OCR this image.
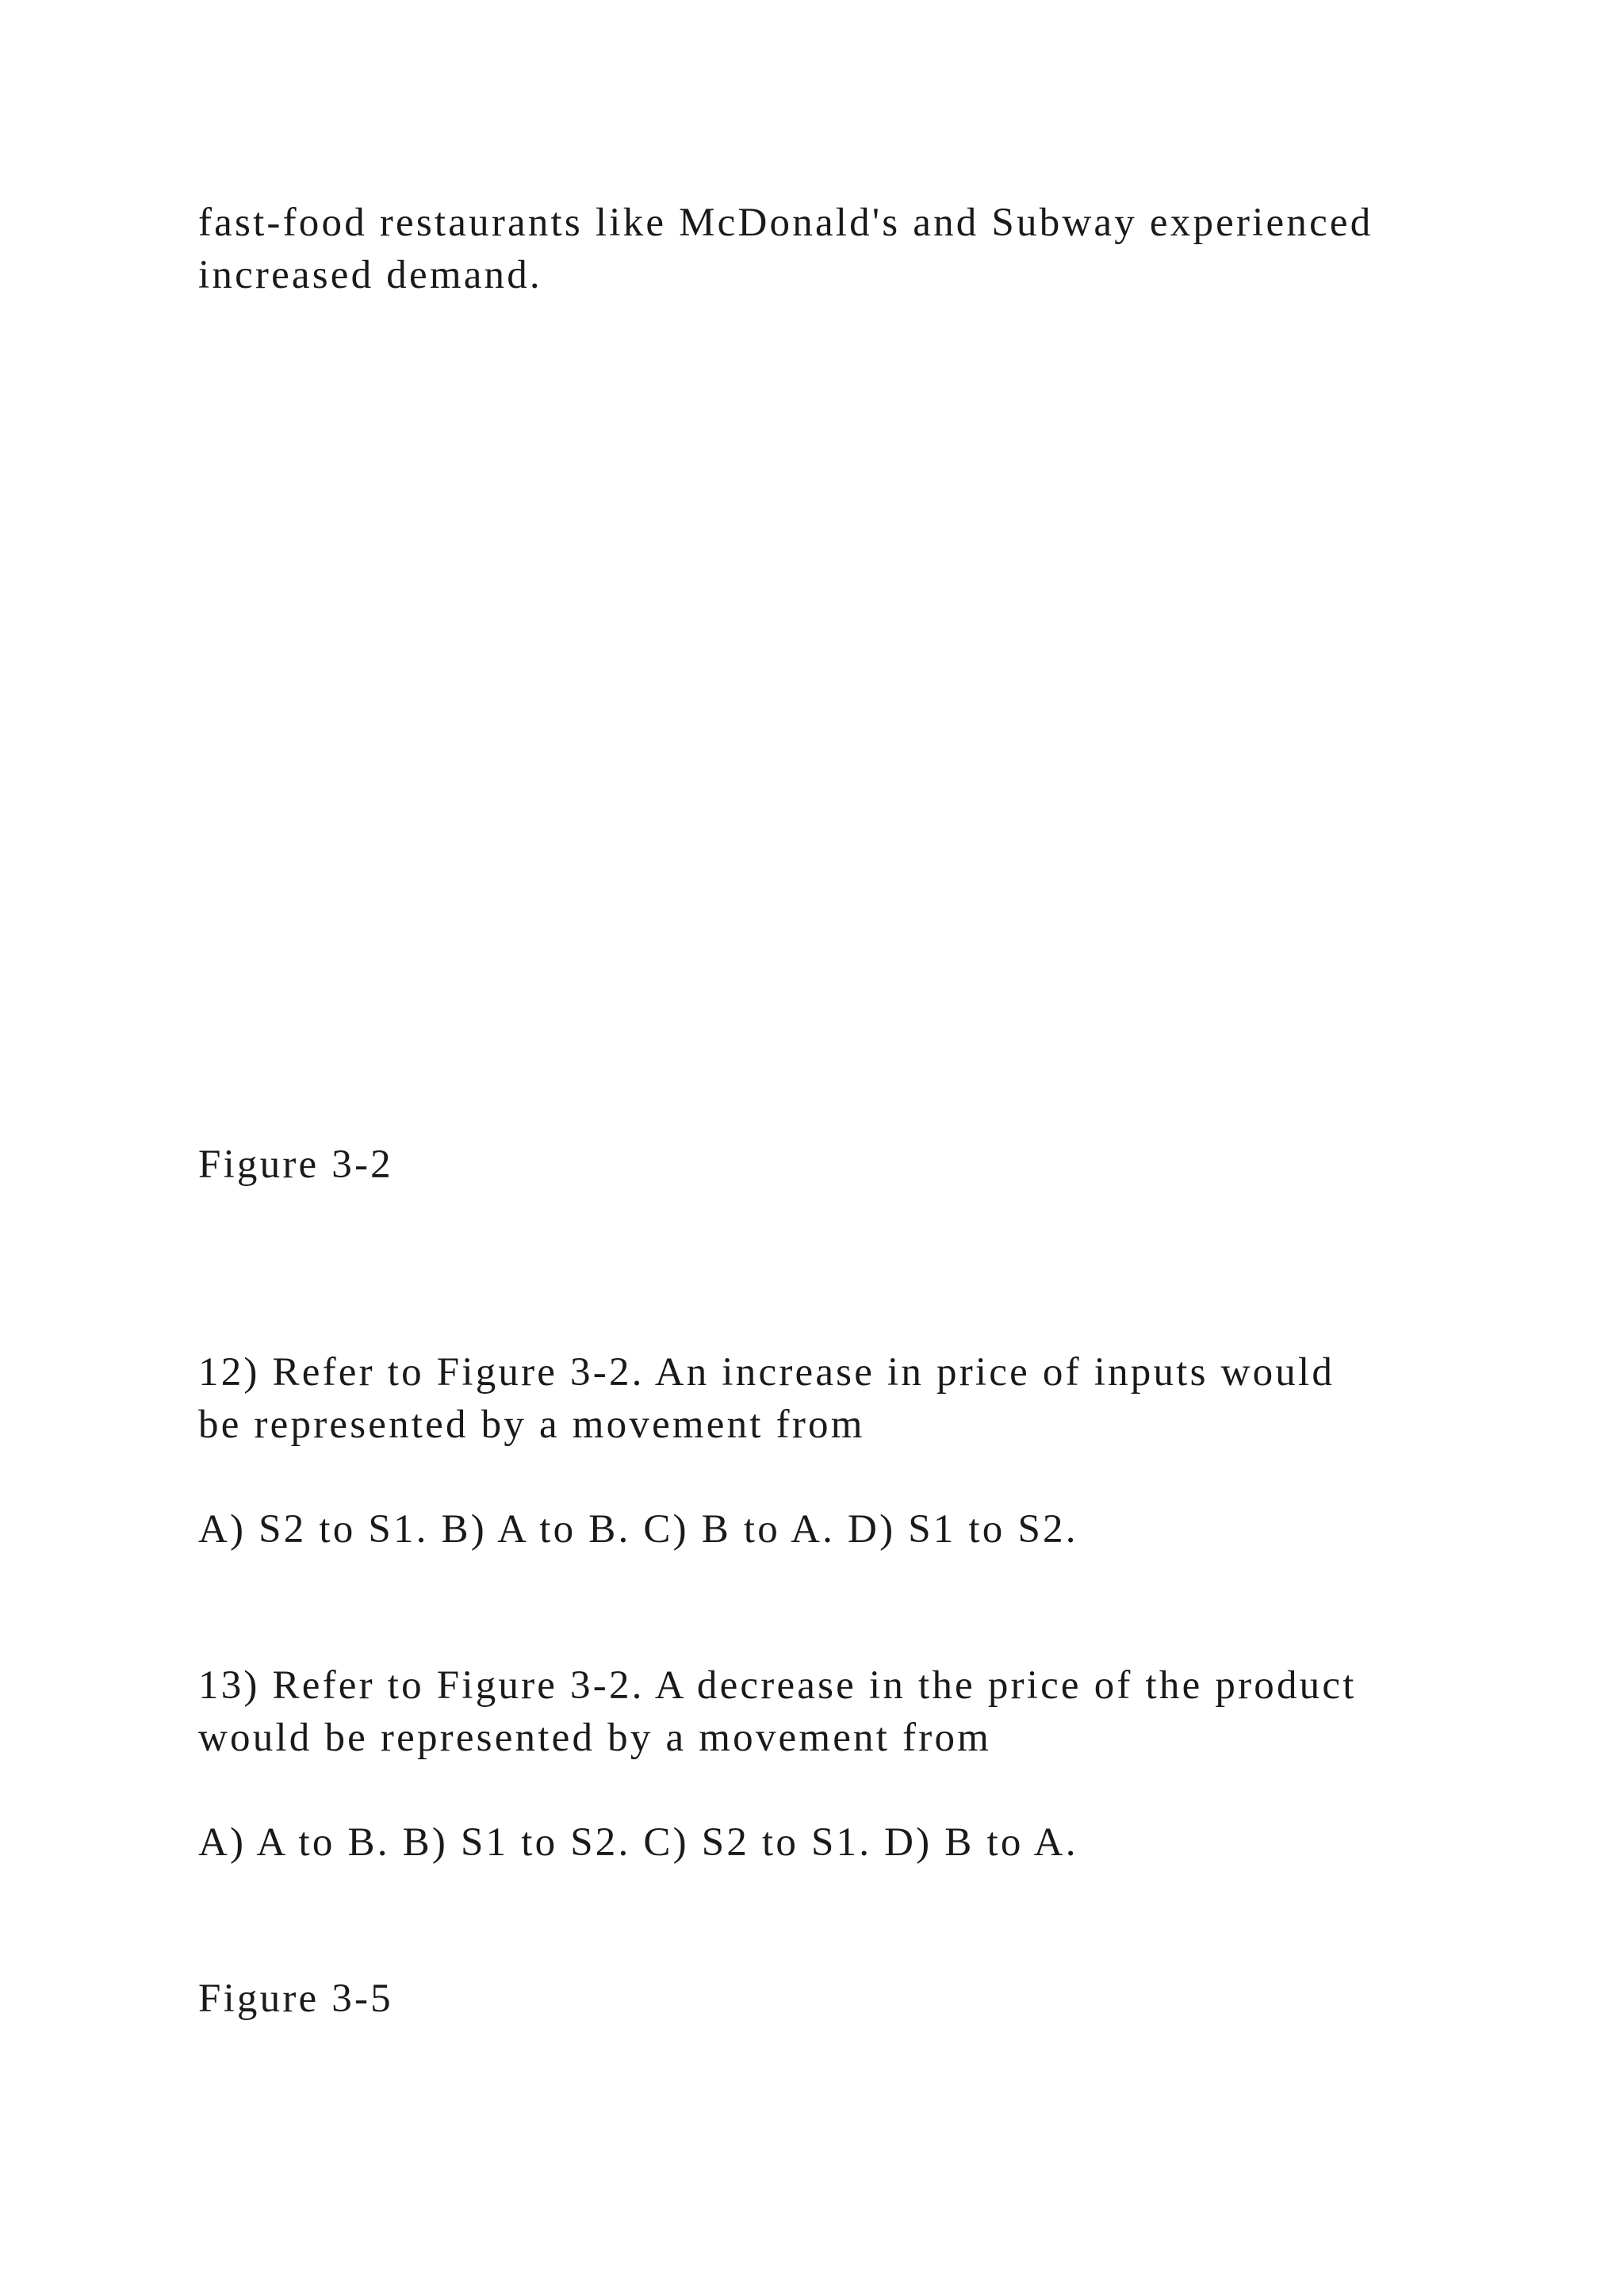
fast-food restaurants like McDonald's and Subway experienced
increased demand.
Figure 3-2
12) Refer to Figure 3-2. An increase in price of inputs would
be represented by a movement from
A) S2 to S1. B) A to B. C) B to A. D) S1 to S2.
13) Refer to Figure 3-2. A decrease in the price of the product
would be represented by a movement from
A) A to B. B) S1 to S2. C) S2 to S1. D) B to A.
Figure 3-5
